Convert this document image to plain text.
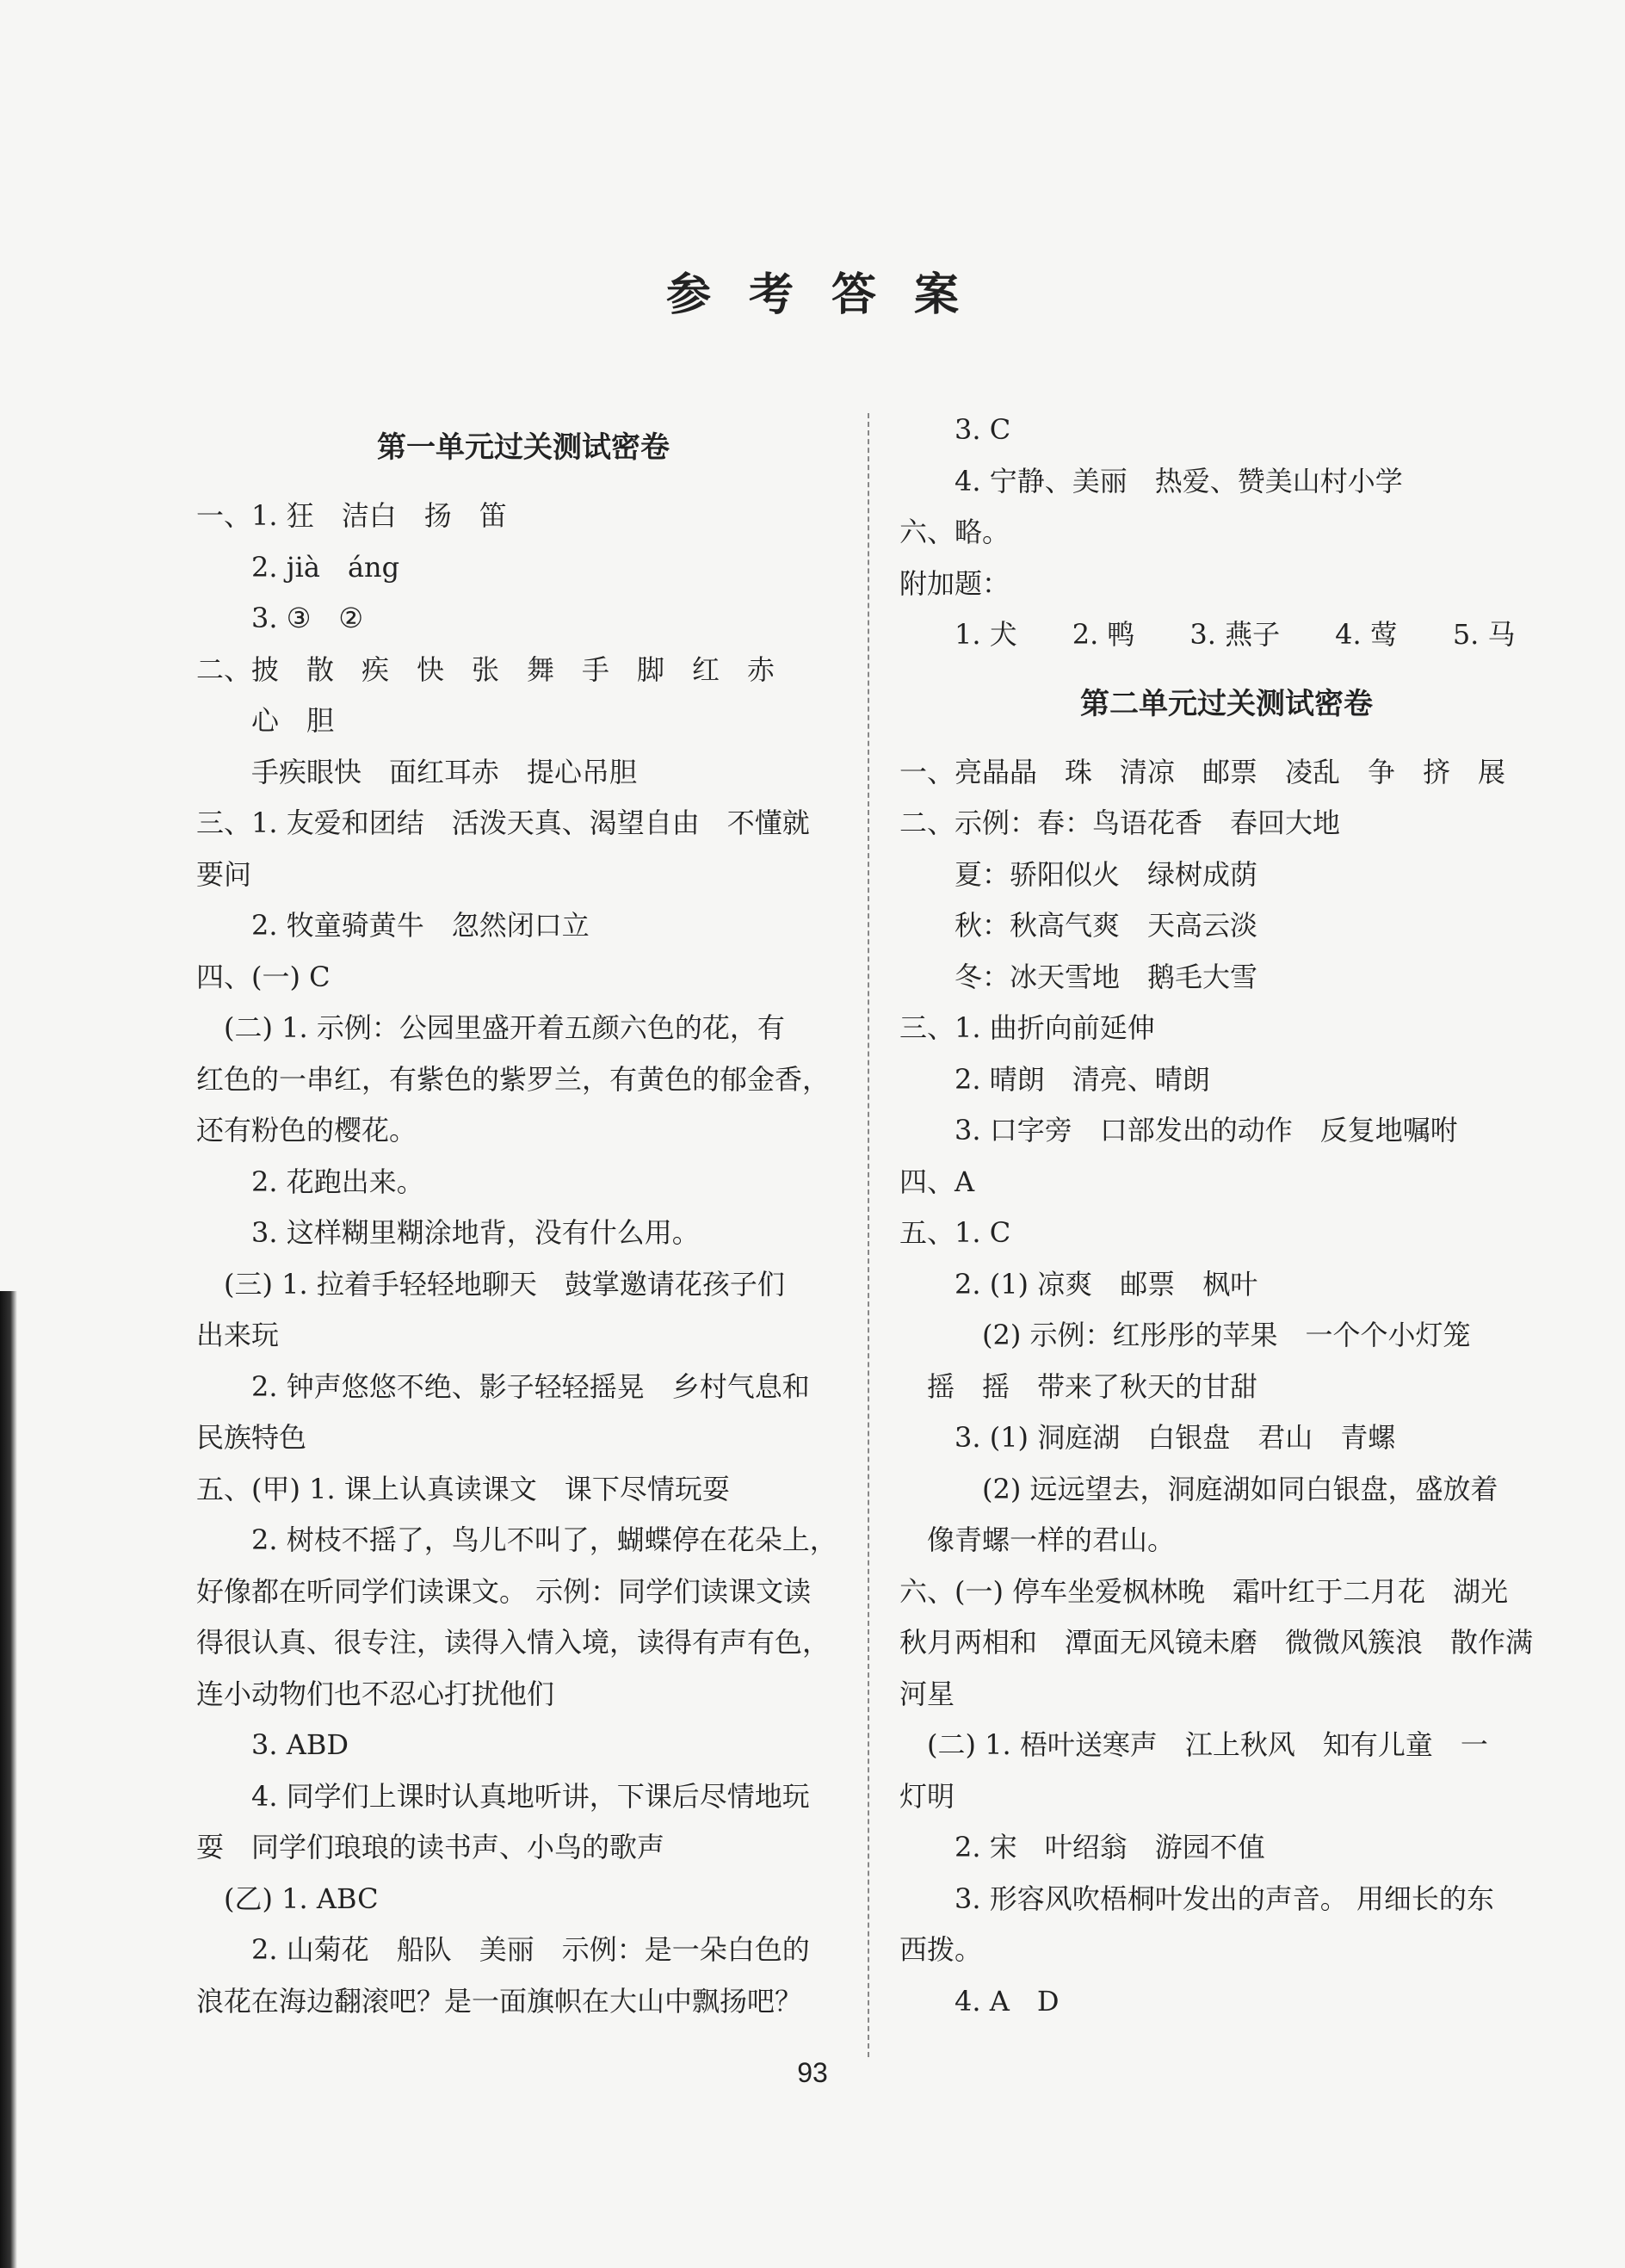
参考答案
第一单元过关测试密卷
一、1. 狂　洁白　扬　笛
2. jià　áng
3. ③　②
二、披　散　疾　快　张　舞　手　脚　红　赤
心　胆
手疾眼快　面红耳赤　提心吊胆
三、1. 友爱和团结　活泼天真、渴望自由　不懂就
要问
2. 牧童骑黄牛　忽然闭口立
四、(一) C
(二) 1. 示例：公园里盛开着五颜六色的花，有
红色的一串红，有紫色的紫罗兰，有黄色的郁金香，
还有粉色的樱花。
2. 花跑出来。
3. 这样糊里糊涂地背，没有什么用。
(三) 1. 拉着手轻轻地聊天　鼓掌邀请花孩子们
出来玩
2. 钟声悠悠不绝、影子轻轻摇晃　乡村气息和
民族特色
五、(甲) 1. 课上认真读课文　课下尽情玩耍
2. 树枝不摇了，鸟儿不叫了，蝴蝶停在花朵上，
好像都在听同学们读课文。 示例：同学们读课文读
得很认真、很专注，读得入情入境，读得有声有色，
连小动物们也不忍心打扰他们
3. ABD
4. 同学们上课时认真地听讲，下课后尽情地玩
耍　同学们琅琅的读书声、小鸟的歌声
(乙) 1. ABC
2. 山菊花　船队　美丽　示例：是一朵白色的
浪花在海边翻滚吧？是一面旗帜在大山中飘扬吧？
3. C
4. 宁静、美丽　热爱、赞美山村小学
六、略。
附加题：
1. 犬　　2. 鸭　　3. 燕子　　4. 莺　　5. 马
第二单元过关测试密卷
一、亮晶晶　珠　清凉　邮票　凌乱　争　挤　展
二、示例：春：鸟语花香　春回大地
夏：骄阳似火　绿树成荫
秋：秋高气爽　天高云淡
冬：冰天雪地　鹅毛大雪
三、1. 曲折向前延伸
2. 晴朗　清亮、晴朗
3. 口字旁　口部发出的动作　反复地嘱咐
四、A
五、1. C
2. (1) 凉爽　邮票　枫叶
(2) 示例：红彤彤的苹果　一个个小灯笼
摇　摇　带来了秋天的甘甜
3. (1) 洞庭湖　白银盘　君山　青螺
(2) 远远望去，洞庭湖如同白银盘，盛放着
像青螺一样的君山。
六、(一) 停车坐爱枫林晚　霜叶红于二月花　湖光
秋月两相和　潭面无风镜未磨　微微风簇浪　散作满
河星
(二) 1. 梧叶送寒声　江上秋风　知有儿童　一
灯明
2. 宋　叶绍翁　游园不值
3. 形容风吹梧桐叶发出的声音。 用细长的东
西拨。
4. A　D
93
